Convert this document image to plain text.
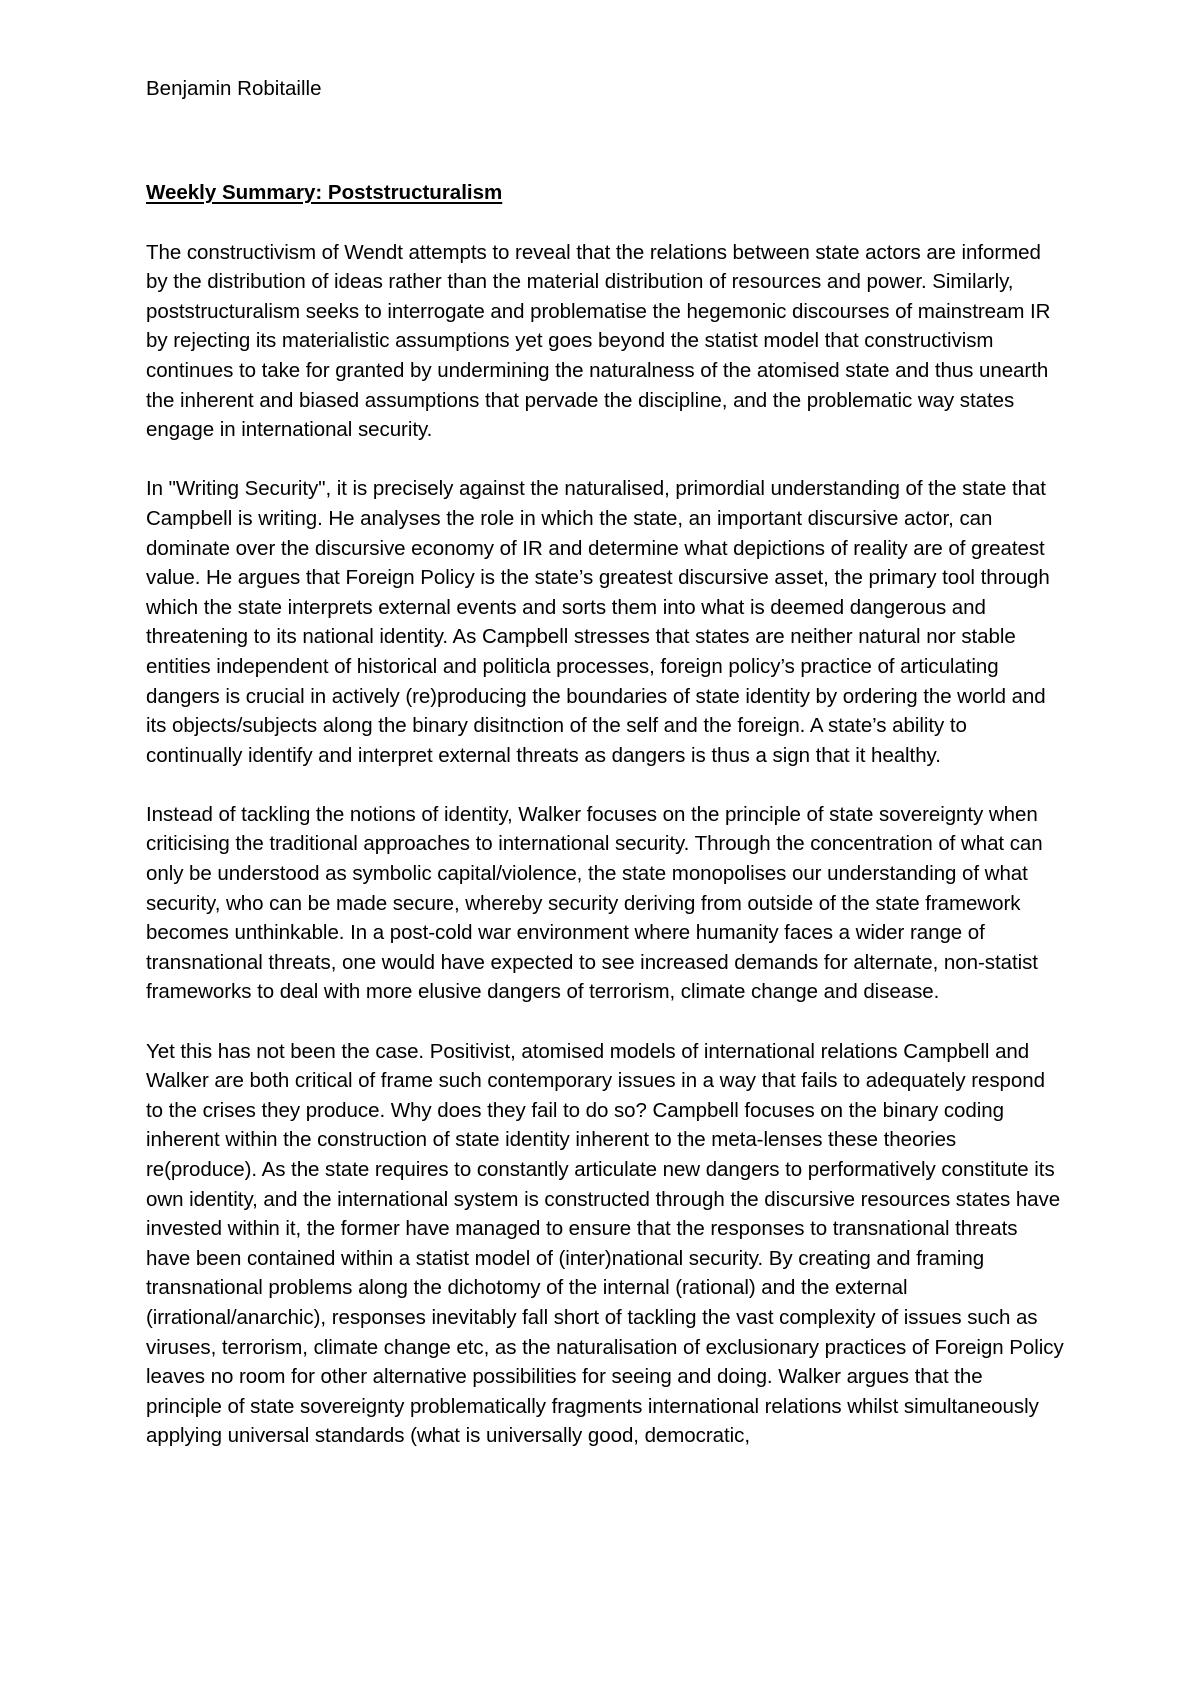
Benjamin Robitaille

Weekly Summary: Poststructuralism

The constructivism of Wendt attempts to reveal that the relations between state actors are informed by the distribution of ideas rather than the material distribution of resources and power. Similarly, poststructuralism seeks to interrogate and problematise the hegemonic discourses of mainstream IR by rejecting its materialistic assumptions yet goes beyond the statist model that constructivism continues to take for granted by undermining the naturalness of the atomised state and thus unearth the inherent and biased assumptions that pervade the discipline, and the problematic way states engage in international security.

In "Writing Security", it is precisely against the naturalised, primordial understanding of the state that Campbell is writing. He analyses the role in which the state, an important discursive actor, can dominate over the discursive economy of IR and determine what depictions of reality are of greatest value. He argues that Foreign Policy is the state’s greatest discursive asset, the primary tool through which the state interprets external events and sorts them into what is deemed dangerous and threatening to its national identity. As Campbell stresses that states are neither natural nor stable entities independent of historical and politicla processes, foreign policy’s practice of articulating dangers is crucial in actively (re)producing the boundaries of state identity by ordering the world and its objects/subjects along the binary disitnction of the self and the foreign. A state’s ability to continually identify and interpret external threats as dangers is thus a sign that it healthy.

Instead of tackling the notions of identity, Walker focuses on the principle of state sovereignty when criticising the traditional approaches to international security. Through the concentration of what can only be understood as symbolic capital/violence, the state monopolises our understanding of what security, who can be made secure, whereby security deriving from outside of the state framework becomes unthinkable. In a post-cold war environment where humanity faces a wider range of transnational threats, one would have expected to see increased demands for alternate, non-statist frameworks to deal with more elusive dangers of terrorism, climate change and disease.

Yet this has not been the case. Positivist, atomised models of international relations Campbell and Walker are both critical of frame such contemporary issues in a way that fails to adequately respond to the crises they produce. Why does they fail to do so? Campbell focuses on the binary coding inherent within the construction of state identity inherent to the meta-lenses these theories re(produce). As the state requires to constantly articulate new dangers to performatively constitute its own identity, and the international system is constructed through the discursive resources states have invested within it, the former have managed to ensure that the responses to transnational threats have been contained within a statist model of (inter)national security. By creating and framing transnational problems along the dichotomy of the internal (rational) and the external (irrational/anarchic), responses inevitably fall short of tackling the vast complexity of issues such as viruses, terrorism, climate change etc, as the naturalisation of exclusionary practices of Foreign Policy leaves no room for other alternative possibilities for seeing and doing. Walker argues that the principle of state sovereignty problematically fragments international relations whilst simultaneously applying universal standards (what is universally good, democratic,
